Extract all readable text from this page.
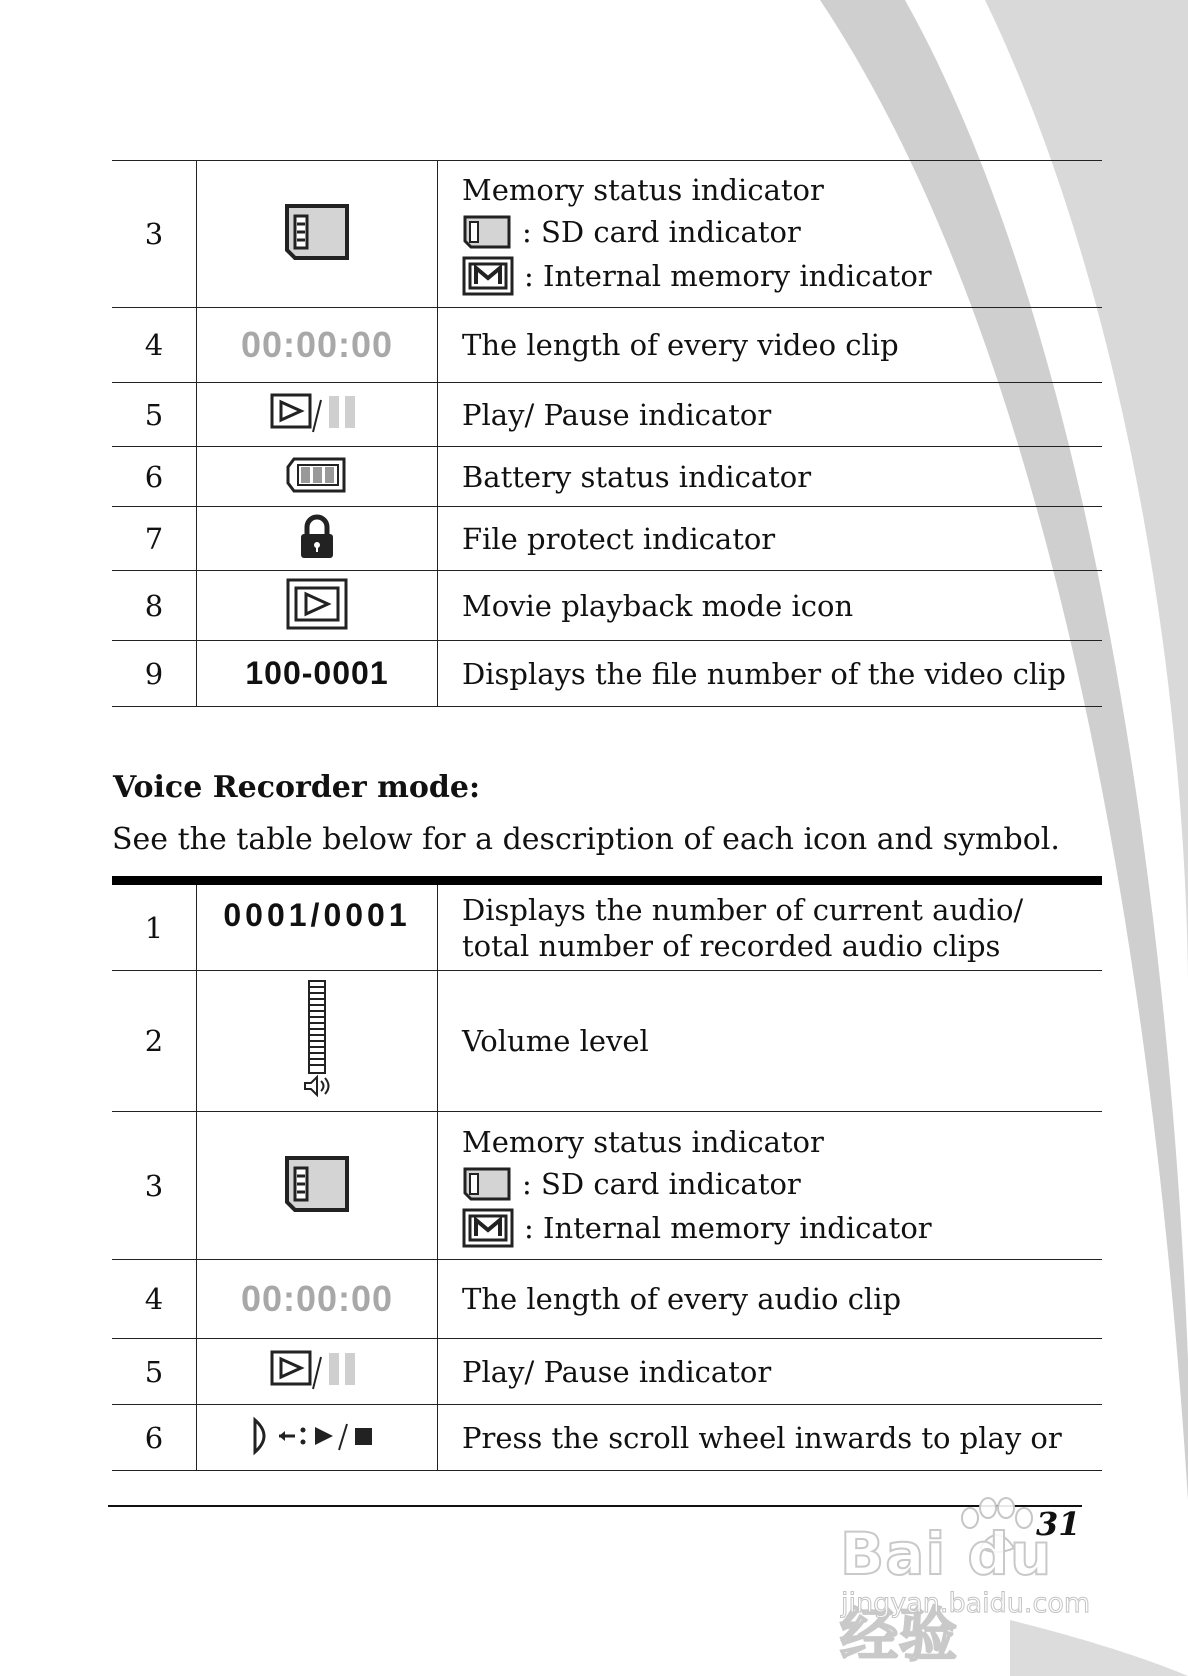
3		Memory status indicator
: SD card indicator
: Internal memory indicator

4	00:00:00	The length of every video clip
5		Play/ Pause indicator
6		Battery status indicator
7		File protect indicator
8		Movie playback mode icon
9	100-0001	Displays the file number of the video clip
Voice Recorder mode:
See the table below for a description of each icon and symbol.
1	0001/0001	Displays the number of current audio/
total number of recorded audio clips

2		Volume level
3		Memory status indicator
: SD card indicator
: Internal memory indicator

4	00:00:00	The length of every audio clip
5		Play/ Pause indicator
6		Press the scroll wheel inwards to play or
31
Bai du 经验
jingyan.baidu.com
